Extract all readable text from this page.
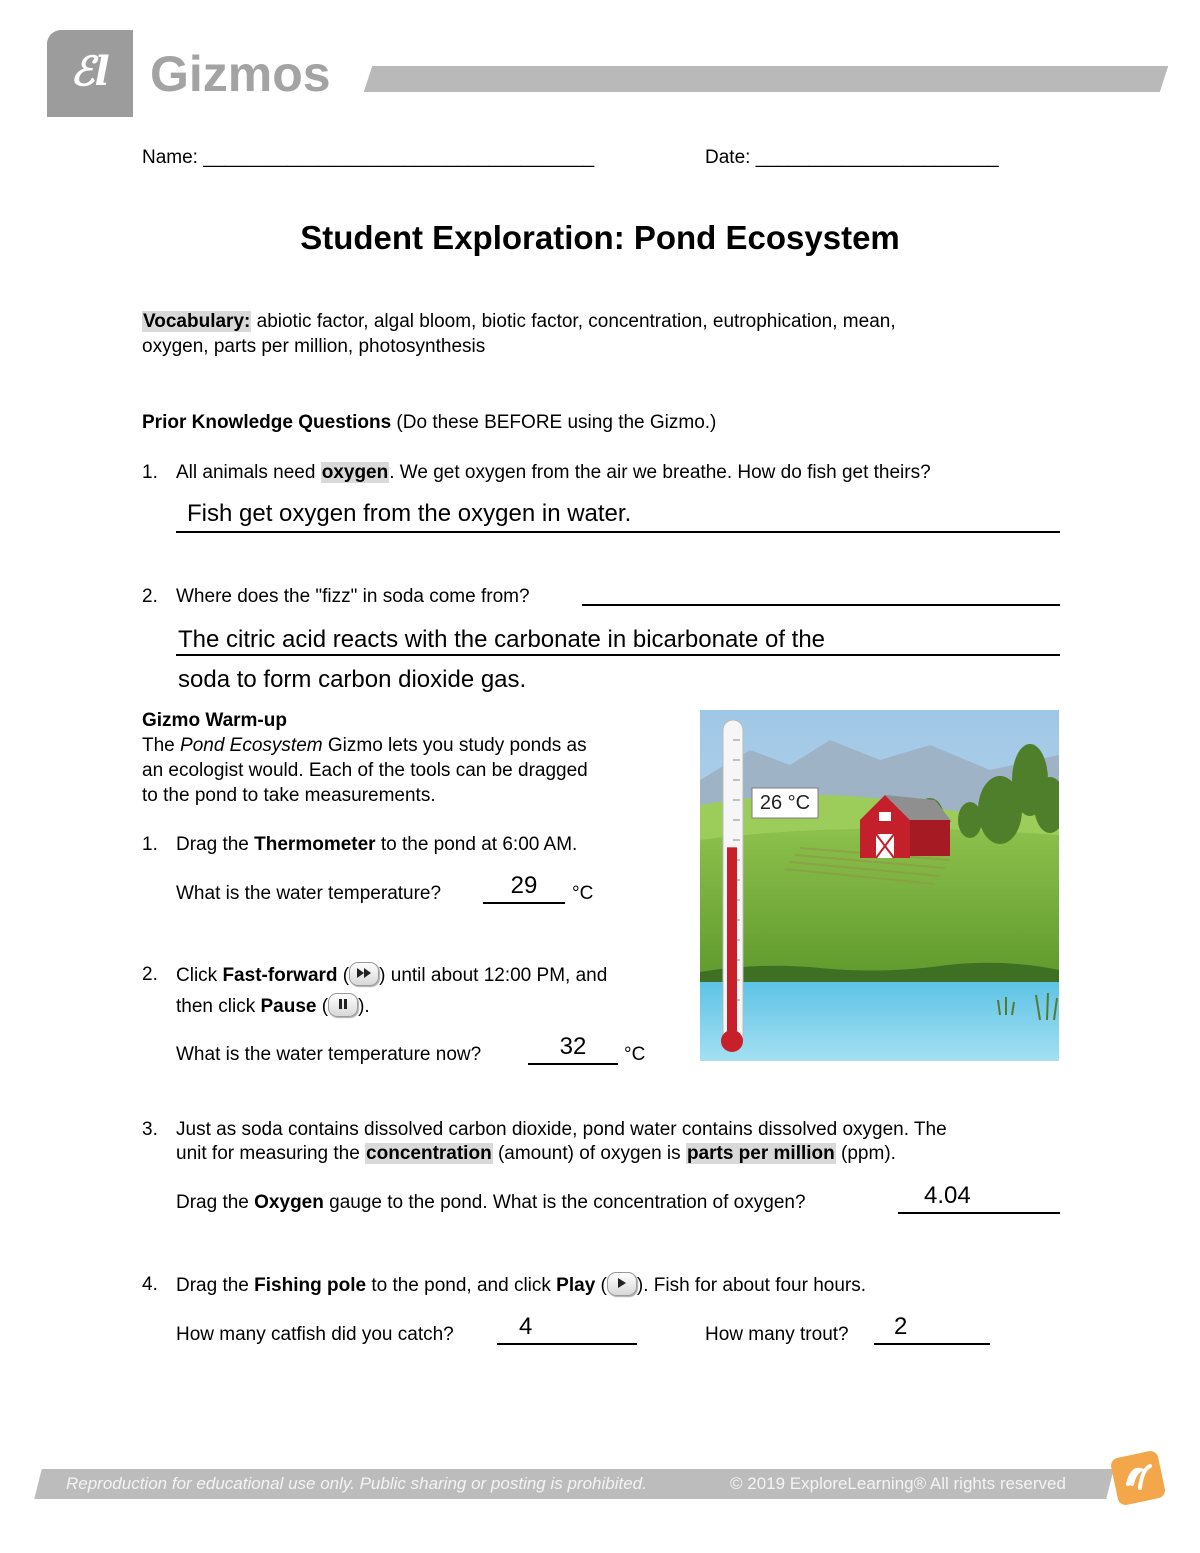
ℰl Gizmos
Name: _____________________________________	Date: _______________________
Student Exploration: Pond Ecosystem
Vocabulary: abiotic factor, algal bloom, biotic factor, concentration, eutrophication, mean,
oxygen, parts per million, photosynthesis
Prior Knowledge Questions (Do these BEFORE using the Gizmo.)
1. All animals need oxygen. We get oxygen from the air we breathe. How do fish get theirs?
Fish get oxygen from the oxygen in water.
2. Where does the "fizz" in soda come from?
The citric acid reacts with the carbonate in bicarbonate of the
soda to form carbon dioxide gas.
Gizmo Warm-up
The Pond Ecosystem Gizmo lets you study ponds as
an ecologist would. Each of the tools can be dragged
to the pond to take measurements.
1. Drag the Thermometer to the pond at 6:00 AM.
What is the water temperature?	29	°C
2. Click Fast-forward ( ) until about 12:00 PM, and
then click Pause ( ).
What is the water temperature now?	32	°C
26 °C
3. Just as soda contains dissolved carbon dioxide, pond water contains dissolved oxygen. The
unit for measuring the concentration (amount) of oxygen is parts per million (ppm).
Drag the Oxygen gauge to the pond. What is the concentration of oxygen?	4.04
4. Drag the Fishing pole to the pond, and click Play ( ). Fish for about four hours.
How many catfish did you catch?	4	How many trout?	2
Reproduction for educational use only. Public sharing or posting is prohibited.	© 2019 ExploreLearning® All rights reserved
